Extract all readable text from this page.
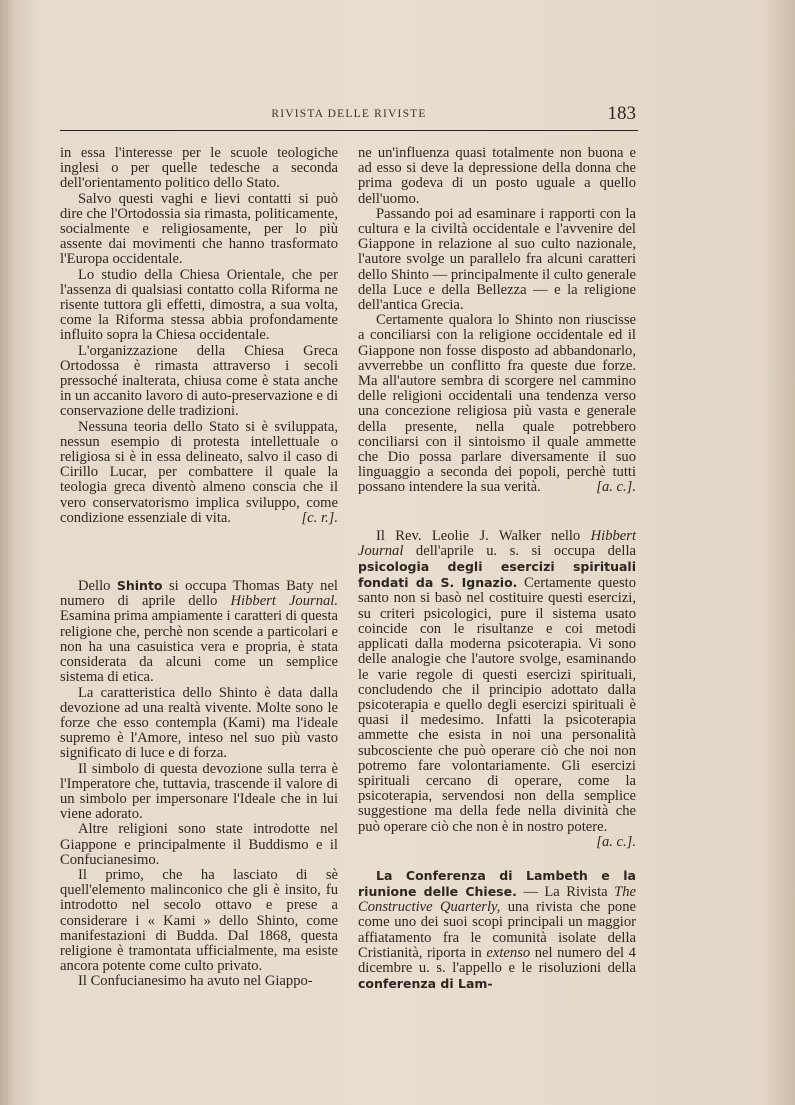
RIVISTA DELLE RIVISTE	183

in essa l'interesse per le scuole teologiche inglesi o per quelle tedesche a seconda dell'orientamento politico dello Stato.

Salvo questi vaghi e lievi contatti si può dire che l'Ortodossia sia rimasta, politicamente, socialmente e religiosamente, per lo più assente dai movimenti che hanno trasformato l'Europa occidentale.

Lo studio della Chiesa Orientale, che per l'assenza di qualsiasi contatto colla Riforma ne risente tuttora gli effetti, dimostra, a sua volta, come la Riforma stessa abbia profondamente influito sopra la Chiesa occidentale.

L'organizzazione della Chiesa Greca Ortodossa è rimasta attraverso i secoli pressoché inalterata, chiusa come è stata anche in un accanito lavoro di auto-preservazione e di conservazione delle tradizioni.

Nessuna teoria dello Stato si è sviluppata, nessun esempio di protesta intellettuale o religiosa si è in essa delineato, salvo il caso di Cirillo Lucar, per combattere il quale la teologia greca diventò almeno conscia che il vero conservatorismo implica sviluppo, come condizione essenziale di vita.	[c. r.].

Dello Shinto si occupa Thomas Baty nel numero di aprile dello Hibbert Journal. Esamina prima ampiamente i caratteri di questa religione che, perchè non scende a particolari e non ha una casuistica vera e propria, è stata considerata da alcuni come un semplice sistema di etica.

La caratteristica dello Shinto è data dalla devozione ad una realtà vivente. Molte sono le forze che esso contempla (Kami) ma l'ideale supremo è l'Amore, inteso nel suo più vasto significato di luce e di forza.

Il simbolo di questa devozione sulla terra è l'Imperatore che, tuttavia, trascende il valore di un simbolo per impersonare l'Ideale che in lui viene adorato.

Altre religioni sono state introdotte nel Giappone e principalmente il Buddismo e il Confucianesimo.

Il primo, che ha lasciato di sè quell'elemento malinconico che gli è insito, fu introdotto nel secolo ottavo e prese a considerare i « Kami » dello Shinto, come manifestazioni di Budda. Dal 1868, questa religione è tramontata ufficialmente, ma esiste ancora potente come culto privato.

Il Confucianesimo ha avuto nel Giappo-

ne un'influenza quasi totalmente non buona e ad esso si deve la depressione della donna che prima godeva di un posto uguale a quello dell'uomo.

Passando poi ad esaminare i rapporti con la cultura e la civiltà occidentale e l'avvenire del Giappone in relazione al suo culto nazionale, l'autore svolge un parallelo fra alcuni caratteri dello Shinto — principalmente il culto generale della Luce e della Bellezza — e la religione dell'antica Grecia.

Certamente qualora lo Shinto non riuscisse a conciliarsi con la religione occidentale ed il Giappone non fosse disposto ad abbandonarlo, avverrebbe un conflitto fra queste due forze. Ma all'autore sembra di scorgere nel cammino delle religioni occidentali una tendenza verso una concezione religiosa più vasta e generale della presente, nella quale potrebbero conciliarsi con il sintoismo il quale ammette che Dio possa parlare diversamente il suo linguaggio a seconda dei popoli, perchè tutti possano intendere la sua verità.	[a. c.].

Il Rev. Leolie J. Walker nello Hibbert Journal dell'aprile u. s. si occupa della psicologia degli esercizi spirituali fondati da S. Ignazio. Certamente questo santo non si basò nel costituire questi esercizi, su criteri psicologici, pure il sistema usato coincide con le risultanze e coi metodi applicati dalla moderna psicoterapia. Vi sono delle analogie che l'autore svolge, esaminando le varie regole di questi esercizi spirituali, concludendo che il principio adottato dalla psicoterapia e quello degli esercizi spirituali è quasi il medesimo. Infatti la psicoterapia ammette che esista in noi una personalità subcosciente che può operare ciò che noi non potremo fare volontariamente. Gli esercizi spirituali cercano di operare, come la psicoterapia, servendosi non della semplice suggestione ma della fede nella divinità che può operare ciò che non è in nostro potere.
[a. c.].

La Conferenza di Lambeth e la riunione delle Chiese. — La Rivista The Constructive Quarterly, una rivista che pone come uno dei suoi scopi principali un maggior affiatamento fra le comunità isolate della Cristianità, riporta in extenso nel numero del 4 dicembre u. s. l'appello e le risoluzioni della conferenza di Lam-
